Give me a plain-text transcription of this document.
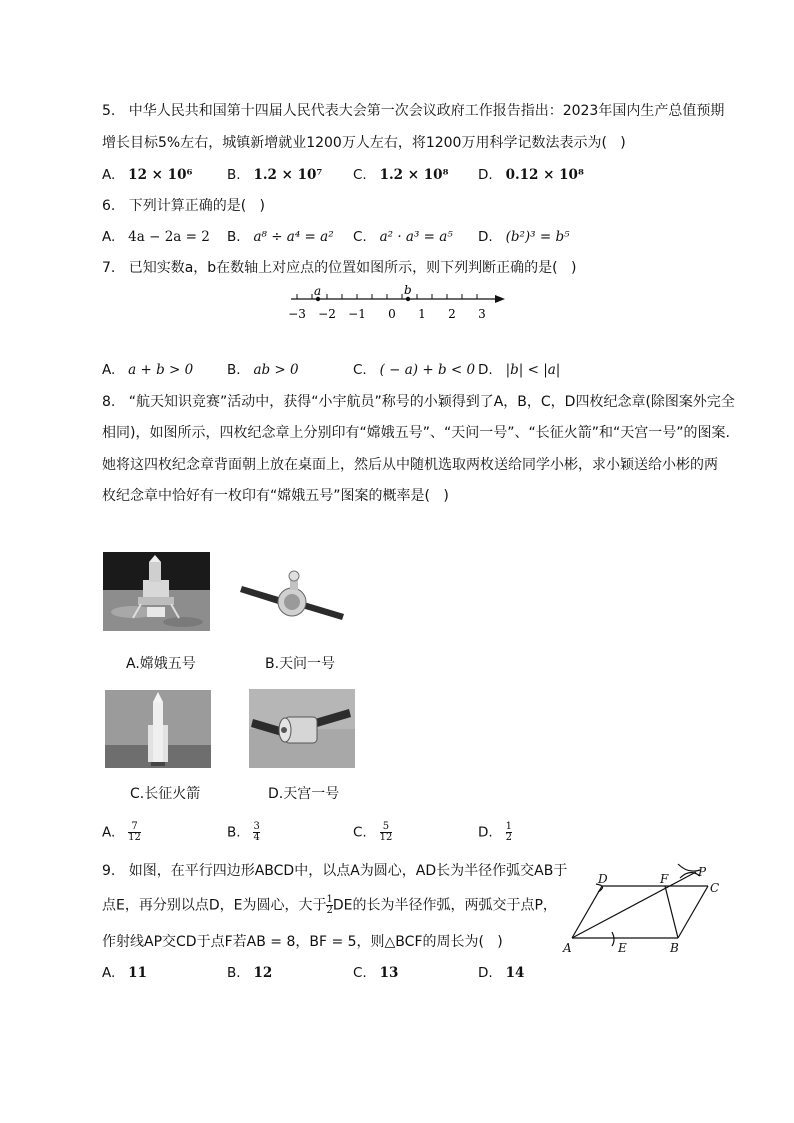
5.   中华人民共和国第十四届人民代表大会第一次会议政府工作报告指出：2023年国内生产总值预期
增长目标5%左右，城镇新增就业1200万人左右，将1200万用科学记数法表示为(   )
A. 12 × 10⁶	B. 1.2 × 10⁷ C. 1.2 × 10⁸ D. 0.12 × 10⁸
6.   下列计算正确的是(   )
A. 4a − 2a = 2 B. a⁸ ÷ a⁴ = a² C. a² · a³ = a⁵ D. (b²)³ = b⁵
7.   已知实数a，b在数轴上对应点的位置如图所示，则下列判断正确的是(   )
a	b
−3 −2 −1 0 1 2 3
A. a + b > 0	B. ab > 0	C. ( − a) + b < 0 D. |b| < |a|
8.   “航天知识竞赛”活动中，获得“小宇航员”称号的小颖得到了A，B，C，D四枚纪念章(除图案外完全
相同)，如图所示，四枚纪念章上分别印有“嫦娥五号”、“天问一号”、“长征火箭”和“天宫一号”的图案.
她将这四枚纪念章背面朝上放在桌面上，然后从中随机选取两枚送给同学小彬，求小颖送给小彬的两
枚纪念章中恰好有一枚印有“嫦娥五号”图案的概率是(   )
A.嫦娥五号	B.天问一号
C.长征火箭	D.天宫一号
A. $\frac{7}{12}$	B. $\frac{3}{4}$	C. $\frac{5}{12}$	D. $\frac{1}{2}$
9.   如图，在平行四边形ABCD中，以点A为圆心，AD长为半径作弧交AB于
点E，再分别以点D，E为圆心，大于 $\frac{1}{2}$ DE的长为半径作弧，两弧交于点P，
作射线AP交CD于点F若AB = 8，BF = 5，则△BCF的周长为(   )
D	F P
C
A	E	B
A. 11	B. 12	C. 13	D. 14
